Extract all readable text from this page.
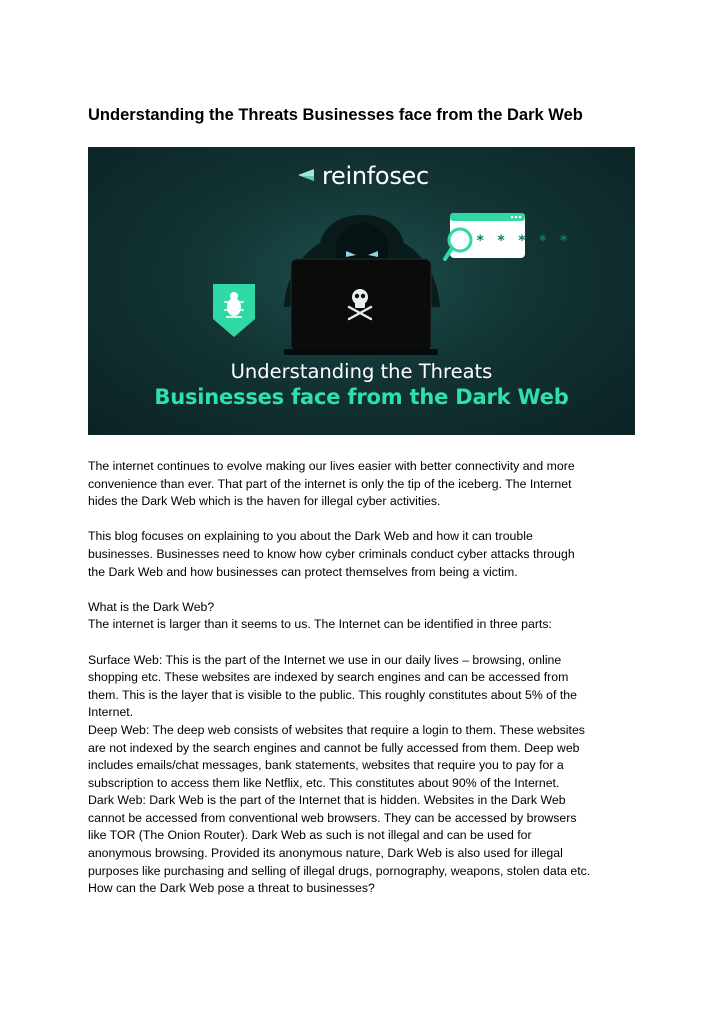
Understanding the Threats Businesses face from the Dark Web
reinfosec
* * * * *
Understanding the Threats
Businesses face from the Dark Web

The internet continues to evolve making our lives easier with better connectivity and more

convenience than ever. That part of the internet is only the tip of the iceberg. The Internet

hides the Dark Web which is the haven for illegal cyber activities.

This blog focuses on explaining to you about the Dark Web and how it can trouble

businesses. Businesses need to know how cyber criminals conduct cyber attacks through

the Dark Web and how businesses can protect themselves from being a victim.

What is the Dark Web?

The internet is larger than it seems to us. The Internet can be identified in three parts:

Surface Web: This is the part of the Internet we use in our daily lives – browsing, online

shopping etc. These websites are indexed by search engines and can be accessed from

them. This is the layer that is visible to the public. This roughly constitutes about 5% of the

Internet.

Deep Web: The deep web consists of websites that require a login to them. These websites

are not indexed by the search engines and cannot be fully accessed from them. Deep web

includes emails/chat messages, bank statements, websites that require you to pay for a

subscription to access them like Netflix, etc. This constitutes about 90% of the Internet.

Dark Web: Dark Web is the part of the Internet that is hidden. Websites in the Dark Web

cannot be accessed from conventional web browsers. They can be accessed by browsers

like TOR (The Onion Router). Dark Web as such is not illegal and can be used for

anonymous browsing. Provided its anonymous nature, Dark Web is also used for illegal

purposes like purchasing and selling of illegal drugs, pornography, weapons, stolen data etc.

How can the Dark Web pose a threat to businesses?
